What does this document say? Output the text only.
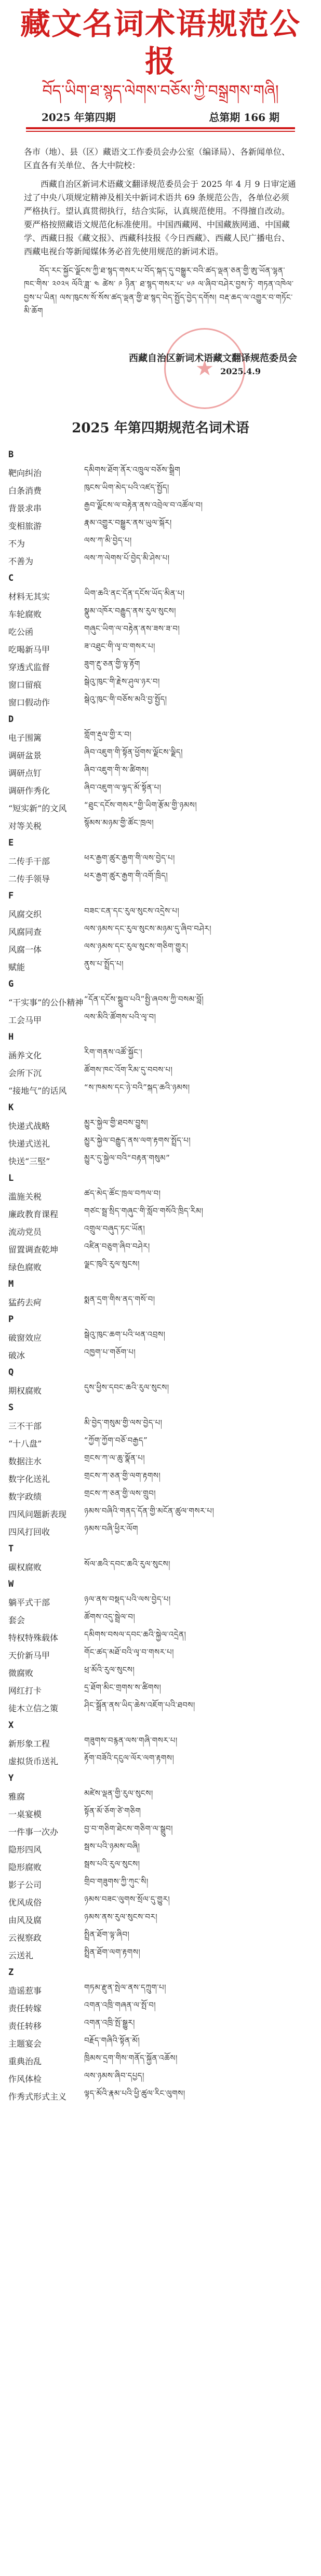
藏文名词术语规范公报
བོད་ཡིག་ཐ་སྙད་ལེགས་བཅོས་ཀྱི་བསྒྲགས་གཞི།
2025 年第四期	总第期 166 期

各市（地）、县（区）藏语文工作委员会办公室（编译局）、各新闻单位、区直各有关单位、各大中院校：

西藏自治区新词术语藏文翻译规范委员会于 2025 年 4 月 9 日审定通过了中央八项规定精神及相关中新词术语共 69 条规范公告，各单位必须严格执行。望认真贯彻执行，结合实际，认真规范使用。不得擅自改动。要严格按照藏语文规范化标准使用。中国西藏网、中国藏族网通、中国藏学、西藏日报《藏文报》、西藏科技报《今日西藏》、西藏人民广播电台、西藏电视台等新闻媒体务必首先使用规范的新词术语。

བོད་རང་སྐྱོང་ལྗོངས་ཀྱི་ཐ་སྙད་གསར་པ་བོད་སྐད་དུ་བསྒྱུར་བའི་ཚད་ལྡན་ཅན་གྱི་ཨུ་ཡོན་ལྷན་ཁང་གིས་ ༢༠༢༥ ལོའི་ཟླ་ ༤ ཚེས་ ༩ ཉིན་ ཐ་སྙད་གསར་པ་ ༦༩ ལ་ཞིབ་བཤེར་བྱས་ཏེ་ གཏན་འཁེལ་བྱས་པ་ཡིན། ལས་ཁུངས་སོ་སོས་ཚད་ལྡན་གྱི་ཐ་སྙད་བེད་སྤྱོད་བྱེད་དགོས། བརྡ་ཆད་ལ་འགྱུར་བ་གཏོང་མི་ཆོག

★
西藏自治区新词术语藏文翻译规范委员会
2025.4.9
2025 年第四期规范名词术语
B
靶向纠治	དམིགས་ཐོག་ནོར་འཁྲུལ་བཅོས་སྒྲིག
白条消费	ཁུངས་ཡིག་མེད་པའི་འཛད་སྤྱོད།
背景求串	རྒྱབ་ལྗོངས་ལ་བརྟེན་ནས་འབྲེལ་བ་འཚོལ་བ།
变相旅游	རྣམ་འགྱུར་བསྒྱུར་ནས་ཡུལ་སྐོར།
不为	ལས་ཀ་མི་བྱེད་པ།
不善为	ལས་ཀ་ལེགས་པོ་བྱེད་མི་ཤེས་པ།
C
材料无其实	ཡིག་ཆའི་ནང་དོན་དངོས་ཡོད་མིན་པ།
车轮腐败	སྣུམ་འཁོར་བརྒྱུད་ནས་རུལ་སུངས།
吃公函	གཞུང་ཡིག་ལ་བརྟེན་ནས་ཟས་ཟ་བ།
吃喝新马甲	ཟ་འཐུང་གི་ལྭ་བ་གསར་པ།
穿透式监督	ཟུག་རྔུ་ཅན་གྱི་ལྟ་རྟོག
窗口留痕	སྒེའུ་ཁུང་གི་རྗེས་ཤུལ་ཉར་བ།
窗口假动作	སྒེའུ་ཁུང་གི་བཅོས་མའི་བྱ་སྤྱོད།
D
电子围篱	གློག་རྡུལ་གྱི་ར་བ།
调研盆景	ཞིབ་འཇུག་གི་སྟོན་ཕྱོགས་ལྗོངས་ལྗིད།
调研点钉	ཞིབ་འཇུག་གི་ས་ཚིགས།
调研作秀化	ཞིབ་འཇུག་ལ་ལྟད་མོ་སྟོན་པ།
“短实新”的文风	“ཐུང་དངོས་གསར”གྱི་ཡིག་རྩོམ་གྱི་ཉམས།
对等关税	སྙོམས་མཉམ་གྱི་ཚོང་ཁྲལ།
E
二传手干部	ཕར་རྒྱག་ཚུར་རྒྱག་གི་ལས་བྱེད་པ།
二传手领导	ཕར་རྒྱག་ཚུར་རྒྱག་གི་འགོ་ཁྲིད།
F
风腐交织	བཟང་ངན་དང་རུལ་སུངས་འདྲེས་པ།
风腐同查	ལས་ཉམས་དང་རུལ་སུངས་མཉམ་དུ་ཞིབ་བཤེར།
风腐一体	ལས་ཉམས་དང་རུལ་སུངས་གཅིག་གྱུར།
赋能	ནུས་པ་སྤྲོད་པ།
G
“干实事”的公仆精神 “དོན་དངོས་སྒྲུབ་པའི”སྤྱི་ཞབས་ཀྱི་བསམ་བློ།
工会马甲	ལས་མིའི་ཚོགས་པའི་ལྭ་བ།
H
涵养文化	རིག་གནས་འཚོ་སྐྱོང་།
会所下沉	ཚོགས་ཁང་འོག་རིམ་དུ་བབས་པ།
“接地气”的话风	“ས་ཁམས་དང་ཉེ་བའི”སྐད་ཆའི་ཉམས།
K
快递式战略	མྱུར་སྐྱེལ་གྱི་ཐབས་བྱུས།
快递式送礼	མྱུར་སྐྱེལ་བརྒྱུད་ནས་ལག་རྟགས་སྤྲོད་པ།
快送“三堅”	མྱུར་དུ་སྐྱེལ་བའི“བརྟན་གསུམ”
L
滥施关税	ཚད་མེད་ཚོང་ཁྲལ་བཀལ་བ།
廉政教育课程	གཙང་སྦྲ་སྲིད་གཞུང་གི་སློབ་གསོའི་ཁྲིད་རིམ།
流动党员	འགྲུལ་བཞུད་ཏང་ཡོན།
留置调查乾坤	འཛིན་བཅུག་ཞིབ་བཤེར།
绿色腐败	ལྗང་ཁུའི་རུལ་སུངས།
M
猛药去疴	སྨན་དྲག་གིས་ནད་གསོ་བ།
P
破窗效应	སྒེའུ་ཁུང་ཆག་པའི་ཕན་འབྲས།
破冰	འཁྱག་པ་གཅོག་པ།
Q
期权腐败	དུས་ཕྱིས་དབང་ཆའི་རུལ་སུངས།
S
三不干部	མི་བྱེད་གསུམ་གྱི་ལས་བྱེད་པ།
“十八盘”	“ཀྱོག་ཀྱོག་བཅོ་བརྒྱད”
数据注水	གྲངས་ཀ་ལ་ཆུ་སྣོན་པ།
数字化送礼	གྲངས་ཀ་ཅན་གྱི་ལག་རྟགས།
数字政绩	གྲངས་ཀ་ཅན་གྱི་ལས་གྲུབ།
四风问题新表现	ཉམས་བཞིའི་གནད་དོན་གྱི་མངོན་ཚུལ་གསར་པ།
四风打回收	ཉམས་བཞི་ཕྱིར་ལོག
T
碳权腐败	སོལ་ཆའི་དབང་ཆའི་རུལ་སུངས།
W
躺平式干部	ཉལ་ནས་བསྡད་པའི་ལས་བྱེད་པ།
套会	ཚོགས་འདུ་སྦྲེལ་བ།
特权特殊载体	དམིགས་བསལ་དབང་ཆའི་སྐྱེལ་འདྲེན།
天价新马甲	གོང་ཚད་མཐོ་བའི་ལྭ་བ་གསར་པ།
微腐败	ཕྲ་མོའི་རུལ་སུངས།
网红打卡	དྲ་ཐོག་མིང་གྲགས་ས་ཚིགས།
徒木立信之策	ཤིང་སྒྲོན་ནས་ཡིད་ཆེས་འཇོག་པའི་ཐབས།
X
新形象工程	གཟུགས་བརྙན་ལས་གཞི་གསར་པ།
虚拟货币送礼	རྟོག་བཟོའི་དངུལ་ལོར་ལག་རྟགས།
Y
雅腐	མཛེས་ལྡན་གྱི་རུལ་སུངས།
一桌宴模	སྟོན་མོ་ཅོག་ཙེ་གཅིག
一件事一次办	བྱ་བ་གཅིག་ཐེངས་གཅིག་ལ་སྒྲུབ།
隐形四风	སྦས་པའི་ཉམས་བཞི།
隐形腐败	སྦས་པའི་རུལ་སུངས།
影子公司	གྲིབ་གཟུགས་ཀྱི་ཀུང་སི།
优风成俗	ཉམས་བཟང་ལུགས་སྲོལ་དུ་གྱུར།
由风及腐	ཉམས་ནས་རུལ་སུངས་བར།
云视察政	སྤྲིན་ཐོག་ལྟ་ཞིབ།
云送礼	སྤྲིན་ཐོག་ལག་རྟགས།
Z
造谣惹事	གཏམ་རྫུན་སྤེལ་ནས་དཀྲུག་པ།
责任转嫁	འགན་འཁྲི་གཞན་ལ་སྤོ་བ།
责任转移	འགན་འཁྲི་སྤོ་སྒྱུར།
主题宴会	བརྗོད་གཞིའི་སྟོན་མོ།
重典治乱	ཁྲིམས་དྲག་གིས་གནོད་སྐྱོན་འཆོས།
作风体检	ལས་ཉམས་ཞིབ་དཔྱད།
作秀式形式主义	ལྟད་མོའི་རྣམ་པའི་ཕྱི་ཚུལ་རིང་ལུགས།
